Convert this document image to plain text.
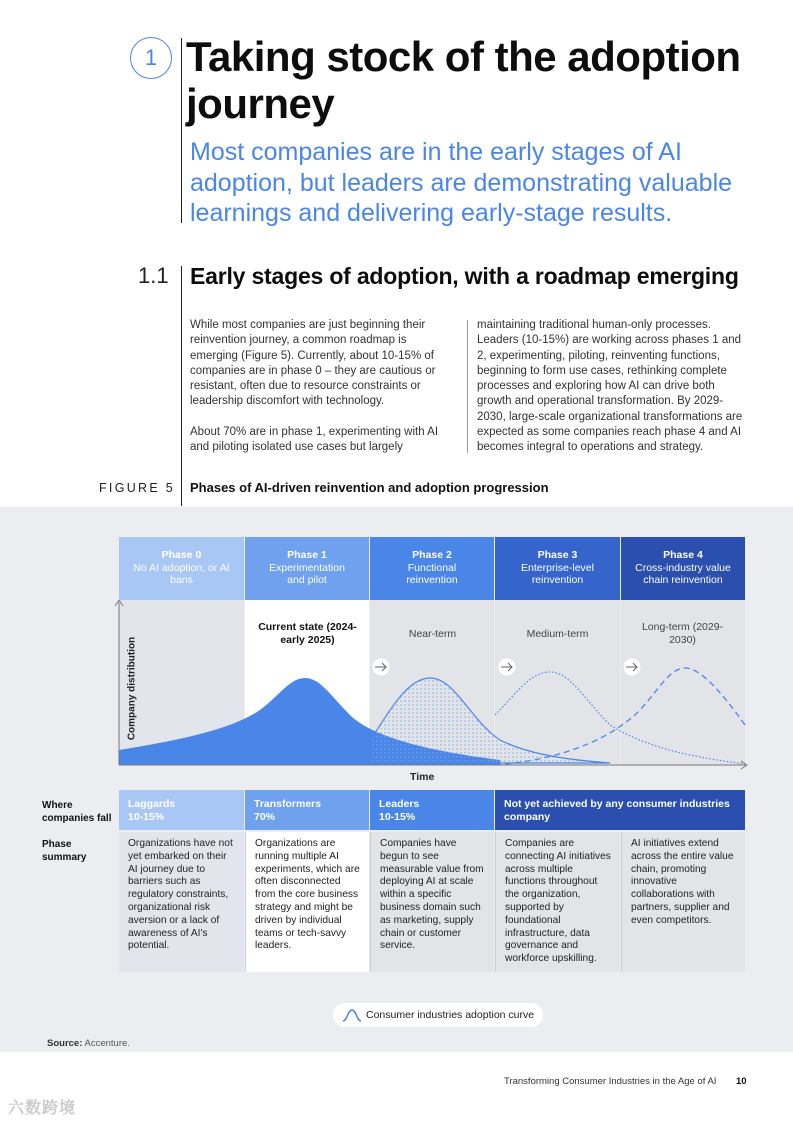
1 Taking stock of the adoption journey
Most companies are in the early stages of AI adoption, but leaders are demonstrating valuable learnings and delivering early-stage results.
1.1 Early stages of adoption, with a roadmap emerging

While most companies are just beginning their reinvention journey, a common roadmap is emerging (Figure 5). Currently, about 10-15% of companies are in phase 0 – they are cautious or resistant, often due to resource constraints or leadership discomfort with technology.

About 70% are in phase 1, experimenting with AI and piloting isolated use cases but largely

maintaining traditional human-only processes. Leaders (10-15%) are working across phases 1 and 2, experimenting, piloting, reinventing functions, beginning to form use cases, rethinking complete processes and exploring how AI can drive both growth and operational transformation. By 2029-2030, large-scale organizational transformations are expected as some companies reach phase 4 and AI becomes integral to operations and strategy.

FIGURE 5 Phases of AI-driven reinvention and adoption progression
Phase 0
No AI adoption, or AI bans
Phase 1
Experimentation and pilot
Phase 2
Functional reinvention
Phase 3
Enterprise-level reinvention
Phase 4
Cross-industry value chain reinvention
Company distribution
Time
Current state (2024-early 2025)	Near-term	Medium-term
Long-term (2029-2030)
Where companies fall
Laggards
10-15%
Transformers
70%
Leaders
10-15%
Not yet achieved by any consumer industries company
Phase summary
Organizations have not yet embarked on their AI journey due to barriers such as regulatory constraints, organizational risk aversion or a lack of awareness of AI's potential.
Organizations are running multiple AI experiments, which are often disconnected from the core business strategy and might be driven by individual teams or tech-savvy leaders.
Companies have begun to see measurable value from deploying AI at scale within a specific business domain such as marketing, supply chain or customer service.
Companies are connecting AI initiatives across multiple functions throughout the organization, supported by foundational infrastructure, data governance and workforce upskilling.
AI initiatives extend across the entire value chain, promoting innovative collaborations with partners, supplier and even competitors.
Consumer industries adoption curve
Source: Accenture.
Transforming Consumer Industries in the Age of AI 10
六数跨境
